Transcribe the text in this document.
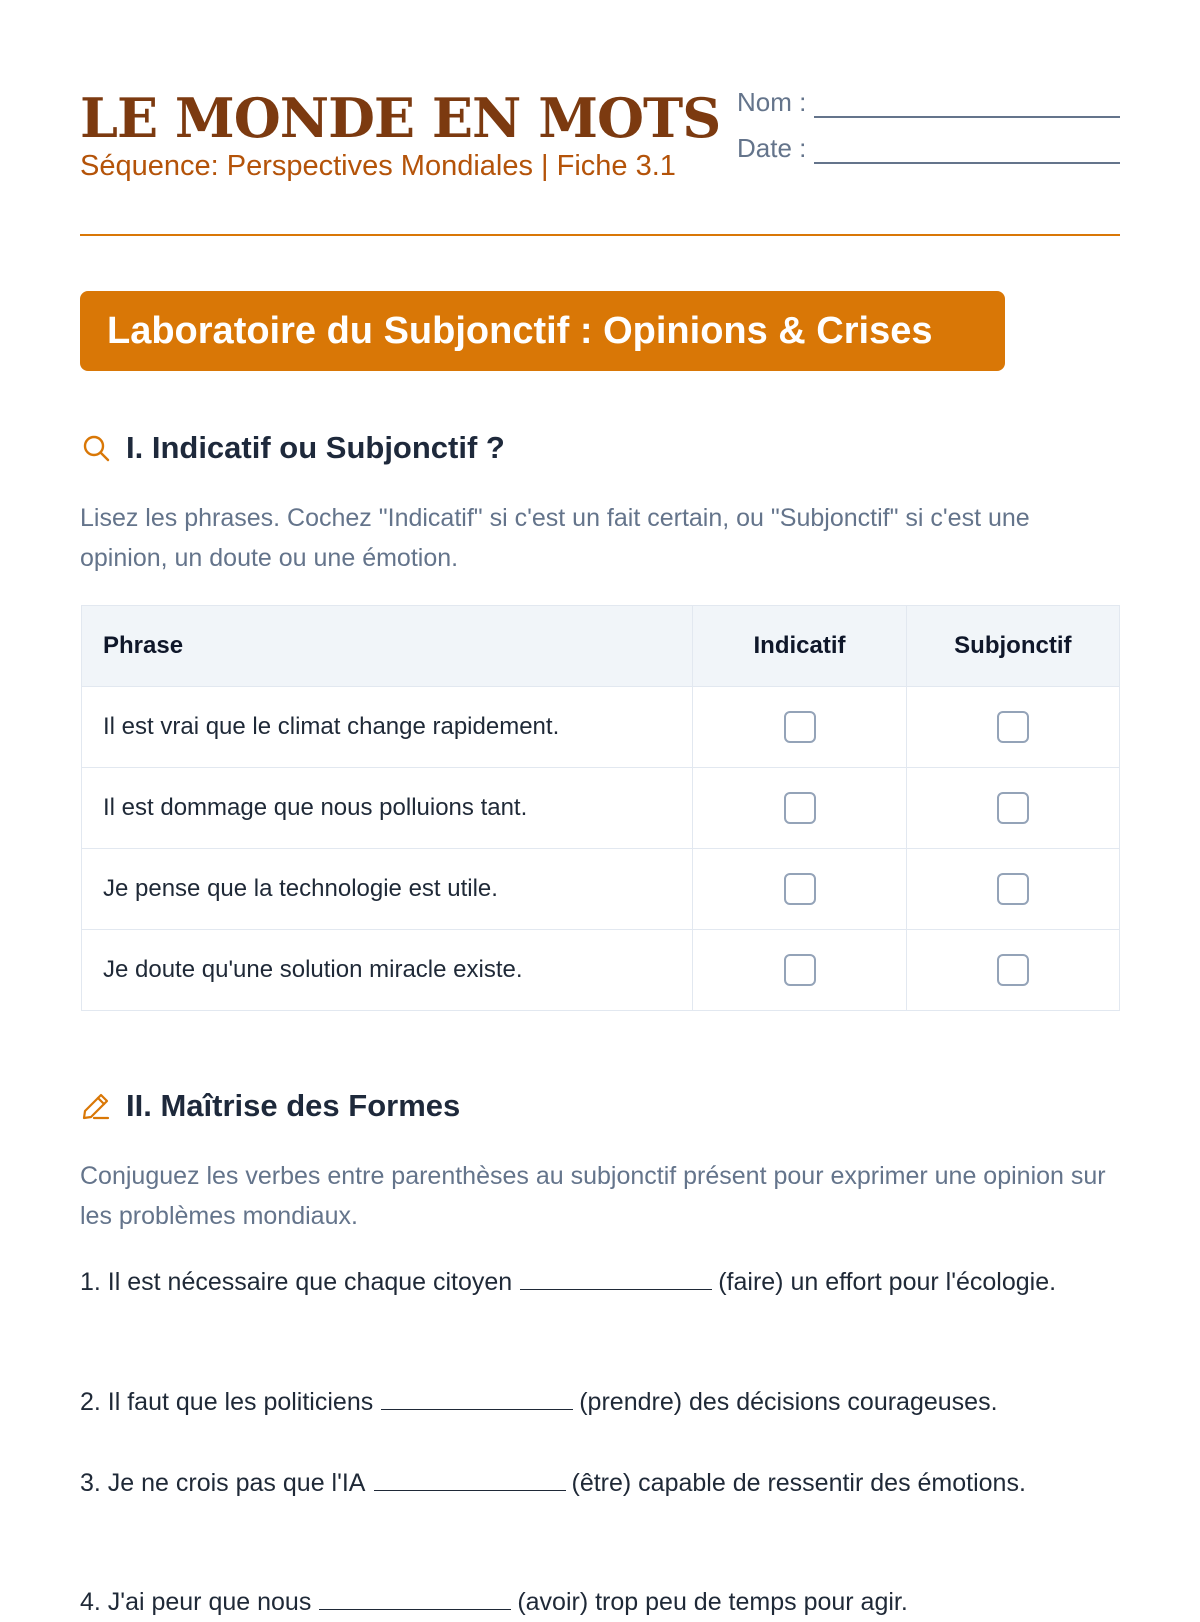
LE MONDE EN MOTS
Séquence: Perspectives Mondiales | Fiche 3.1
Nom :
Date :
Laboratoire du Subjonctif : Opinions & Crises
I. Indicatif ou Subjonctif ?

Lisez les phrases. Cochez "Indicatif" si c'est un fait certain, ou "Subjonctif" si c'est une opinion, un doute ou une émotion.

Phrase	Indicatif	Subjonctif
Il est vrai que le climat change rapidement.		
Il est dommage que nous polluions tant.		
Je pense que la technologie est utile.		
Je doute qu'une solution miracle existe.		
II. Maîtrise des Formes

Conjuguez les verbes entre parenthèses au subjonctif présent pour exprimer une opinion sur les problèmes mondiaux.

1. Il est nécessaire que chaque citoyen	(faire) un effort pour l'écologie.

2. Il faut que les politiciens	(prendre) des décisions courageuses.

3. Je ne crois pas que l'IA	(être) capable de ressentir des émotions.

4. J'ai peur que nous	(avoir) trop peu de temps pour agir.
